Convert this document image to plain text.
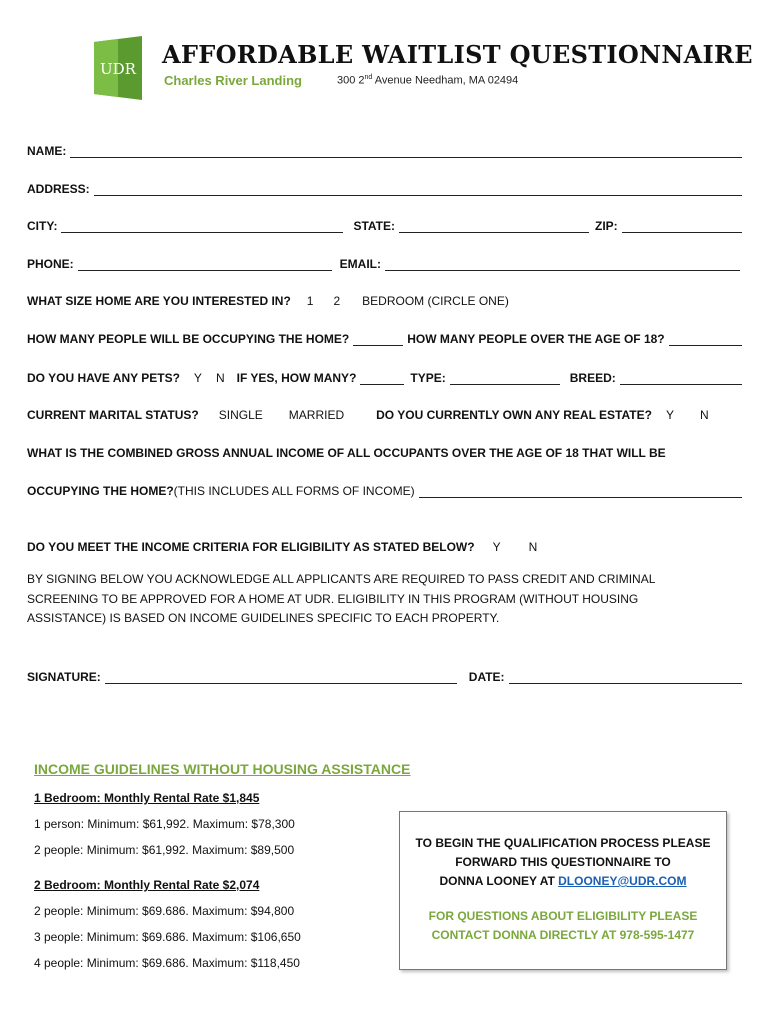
UDR AFFORDABLE WAITLIST QUESTIONNAIRE
Charles River Landing	300 2nd Avenue Needham, MA 02494
NAME:
ADDRESS:
CITY:	STATE:	ZIP:
PHONE:	EMAIL:
WHAT SIZE HOME ARE YOU INTERESTED IN? 1 2 BEDROOM (CIRCLE ONE)
HOW MANY PEOPLE WILL BE OCCUPYING THE HOME?	HOW MANY PEOPLE OVER THE AGE OF 18?
DO YOU HAVE ANY PETS? Y N IF YES, HOW MANY?	TYPE:	BREED:
CURRENT MARITAL STATUS? SINGLE MARRIED	DO YOU CURRENTLY OWN ANY REAL ESTATE? Y N
WHAT IS THE COMBINED GROSS ANNUAL INCOME OF ALL OCCUPANTS OVER THE AGE OF 18 THAT WILL BE
OCCUPYING THE HOME? (THIS INCLUDES ALL FORMS OF INCOME)
DO YOU MEET THE INCOME CRITERIA FOR ELIGIBILITY AS STATED BELOW? Y N
BY SIGNING BELOW YOU ACKNOWLEDGE ALL APPLICANTS ARE REQUIRED TO PASS CREDIT AND CRIMINAL SCREENING TO BE APPROVED FOR A HOME AT UDR. ELIGIBILITY IN THIS PROGRAM (WITHOUT HOUSING ASSISTANCE) IS BASED ON INCOME GUIDELINES SPECIFIC TO EACH PROPERTY.
SIGNATURE:	DATE:
INCOME GUIDELINES WITHOUT HOUSING ASSISTANCE
1 Bedroom: Monthly Rental Rate $1,845
1 person: Minimum: $61,992. Maximum: $78,300
2 people: Minimum: $61,992. Maximum: $89,500
2 Bedroom: Monthly Rental Rate $2,074
2 people: Minimum: $69.686. Maximum: $94,800
3 people: Minimum: $69.686. Maximum: $106,650
4 people: Minimum: $69.686. Maximum: $118,450
TO BEGIN THE QUALIFICATION PROCESS PLEASE
FORWARD THIS QUESTIONNAIRE TO
DONNA LOONEY AT DLOONEY@UDR.COM
FOR QUESTIONS ABOUT ELIGIBILITY PLEASE
CONTACT DONNA DIRECTLY AT 978-595-1477
